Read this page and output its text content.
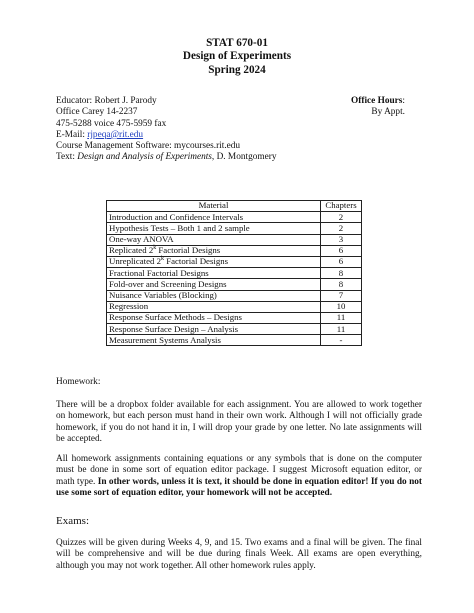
STAT 670-01
Design of Experiments
Spring 2024
Educator: Robert J. Parody
Office Carey 14-2237
475-5288 voice 475-5959 fax
E-Mail: rjpeqa@rit.edu
Course Management Software: mycourses.rit.edu
Text: Design and Analysis of Experiments, D. Montgomery
Office Hours:
By Appt.
Material	Chapters
Introduction and Confidence Intervals	2
Hypothesis Tests – Both 1 and 2 sample	2
One-way ANOVA	3
Replicated 2$^k$ Factorial Designs	6
Unreplicated 2$^k$ Factorial Designs	6
Fractional Factorial Designs	8
Fold-over and Screening Designs	8
Nuisance Variables (Blocking)	7
Regression	10
Response Surface Methods – Designs	11
Response Surface Design – Analysis	11
Measurement Systems Analysis	-
Homework:
There will be a dropbox folder available for each assignment. You are allowed to work together on homework, but each person must hand in their own work. Although I will not officially grade homework, if you do not hand it in, I will drop your grade by one letter. No late assignments will be accepted.
All homework assignments containing equations or any symbols that is done on the computer must be done in some sort of equation editor package. I suggest Microsoft equation editor, or math type. In other words, unless it is text, it should be done in equation editor! If you do not use some sort of equation editor, your homework will not be accepted.
Exams:
Quizzes will be given during Weeks 4, 9, and 15. Two exams and a final will be given. The final will be comprehensive and will be due during finals Week. All exams are open everything, although you may not work together. All other homework rules apply.
